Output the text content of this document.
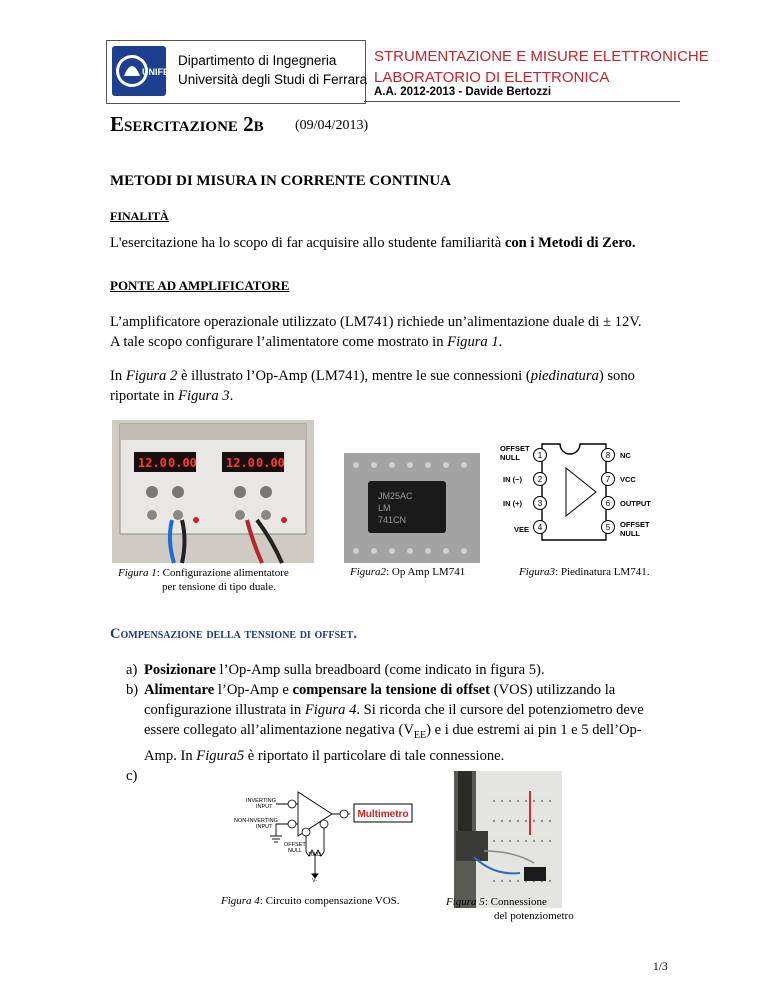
UNIFE
Dipartimento di Ingegneria
Università degli Studi di Ferrara
STRUMENTAZIONE E MISURE ELETTRONICHE
LABORATORIO DI ELETTRONICA
A.A. 2012-2013 - Davide Bertozzi
Esercitazione 2b (09/04/2013)
METODI DI MISURA IN CORRENTE CONTINUA
FINALITÀ
L'esercitazione ha lo scopo di far acquisire allo studente familiarità con i Metodi di Zero.
PONTE AD AMPLIFICATORE
L’amplificatore operazionale utilizzato (LM741) richiede un’alimentazione duale di ± 12V.
A tale scopo configurare l’alimentatore come mostrato in Figura 1.
In Figura 2 è illustrato l’Op-Amp (LM741), mentre le sue connessioni (piedinatura) sono
riportate in Figura 3.
12.0 0.00 12.0 0.00
Figura 1: Configurazione alimentatore
per tensione di tipo duale.
JM25AC
LM
741CN
Figura2: Op Amp LM741
1
2
3
4	5
6
7
8
OFFSET
NULL
IN (−)
IN (+)
VEE
NC
VCC
OUTPUT
OFFSET
NULL
Figura3: Piedinatura LM741.
Compensazione della tensione di offset.
a) Posizionare l’Op-Amp sulla breadboard (come indicato in figura 5).
b) Alimentare l’Op-Amp e compensare la tensione di offset (VOS) utilizzando la
configurazione illustrata in Figura 4. Si ricorda che il cursore del potenziometro deve
essere collegato all’alimentazione negativa $(V_{EE})$ e i due estremi ai pin 1 e 5 dell’Op-
Amp. In Figura5 è riportato il particolare di tale connessione.
c)
INVERTING
INPUT
NON-INVERTING
INPUT
OFFSET
NULL
10kΩ
V-
Multimetro
Figura 4: Circuito compensazione VOS.	Figura 5: Connessione
del potenziometro
1/3
